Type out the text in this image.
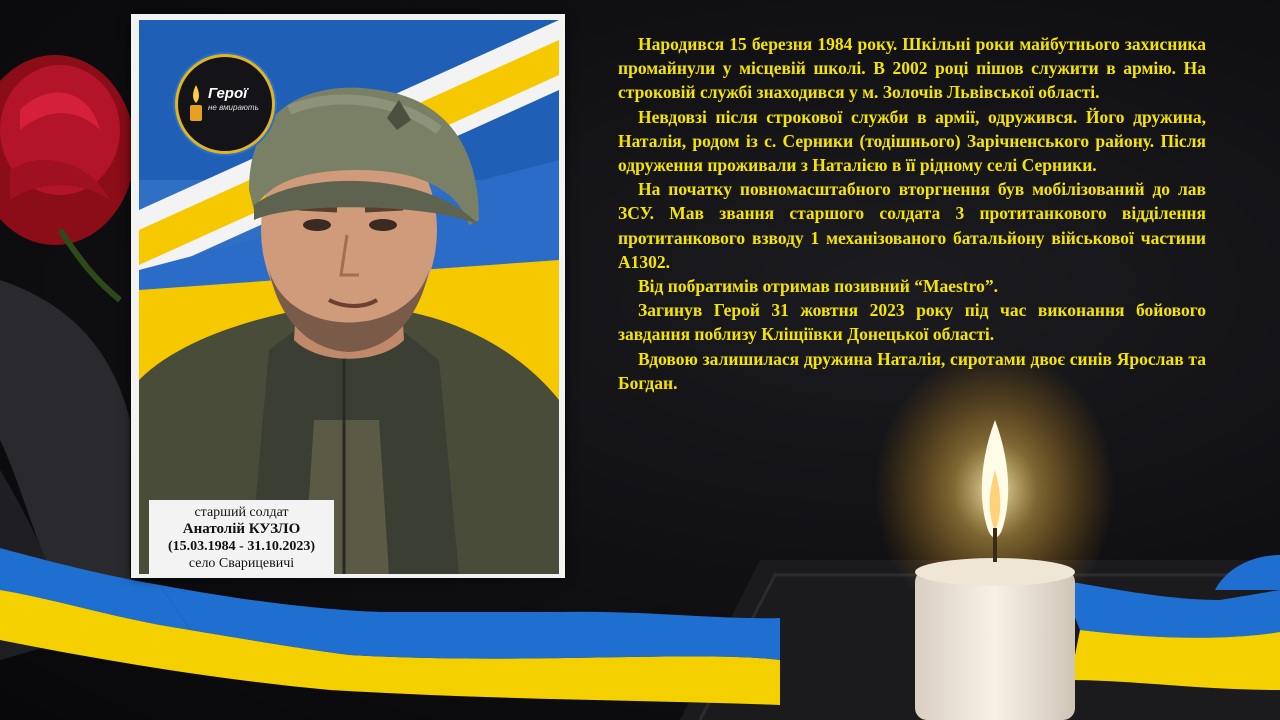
Герої
не вмирають
старший солдат
Анатолій КУЗЛО
(15.03.1984 - 31.10.2023)
село Сварицевичі

Народився 15 березня 1984 року. Шкільні роки майбутнього захисника промайнули у місцевій школі. В 2002 році пішов служити в армію. На строковій службі знаходився у м. Золочів Львівської області.

Невдовзі після строкової служби в армії, одружився. Його дружина, Наталія, родом із с. Серники (тодішнього) Зарічненського району. Після одруження проживали з Наталією в її рідному селі Серники.

На початку повномасштабного вторгнення був мобілізований до лав ЗСУ. Мав звання старшого солдата 3 протитанкового відділення протитанкового взводу 1 механізованого батальйону військової частини А1302.

Від побратимів отримав позивний “Maestro”.

Загинув Герой 31 жовтня 2023 року під час виконання бойового завдання поблизу Кліщіївки Донецької області.

Вдовою залишилася дружина Наталія, сиротами двоє синів Ярослав та Богдан.
